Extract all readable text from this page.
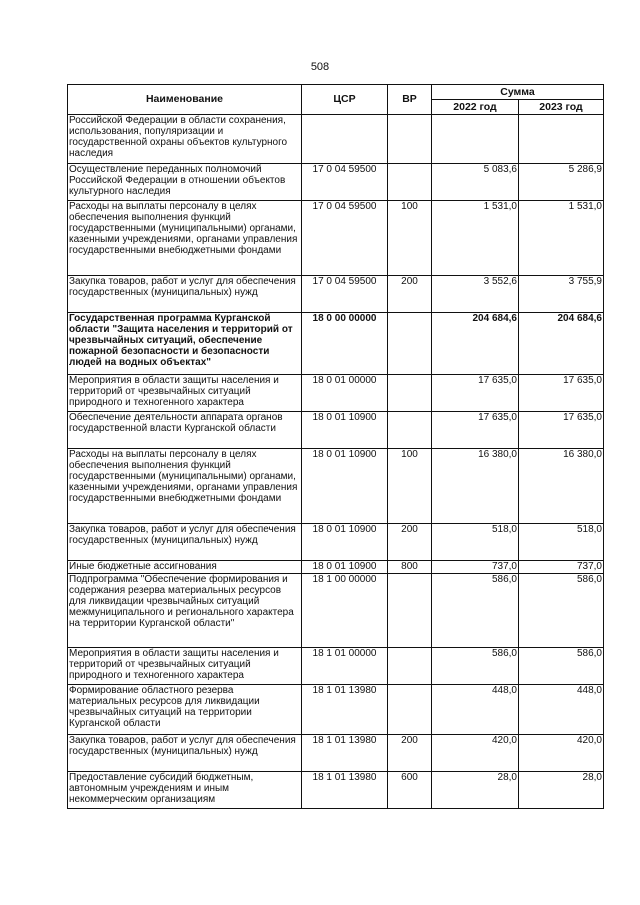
508
Наименование	ЦСР	ВР	Сумма	
			2022 год	2023 год
Российской Федерации в области сохранения, использования, популяризации и государственной охраны объектов культурного наследия				
Осуществление переданных полномочий Российской Федерации в отношении объектов культурного наследия	17 0 04 59500		5 083,6	5 286,9
Расходы на выплаты персоналу в целях обеспечения выполнения функций государственными (муниципальными) органами, казенными учреждениями, органами управления государственными внебюджетными фондами	17 0 04 59500	100	1 531,0	1 531,0
Закупка товаров, работ и услуг для обеспечения государственных (муниципальных) нужд	17 0 04 59500	200	3 552,6	3 755,9
Государственная программа Курганской области "Защита населения и территорий от чрезвычайных ситуаций, обеспечение пожарной безопасности и безопасности людей на водных объектах"	18 0 00 00000		204 684,6	204 684,6
Мероприятия в области защиты населения и территорий от чрезвычайных ситуаций природного и техногенного характера	18 0 01 00000		17 635,0	17 635,0
Обеспечение деятельности аппарата органов государственной власти Курганской области	18 0 01 10900		17 635,0	17 635,0
Расходы на выплаты персоналу в целях обеспечения выполнения функций государственными (муниципальными) органами, казенными учреждениями, органами управления государственными внебюджетными фондами	18 0 01 10900	100	16 380,0	16 380,0
Закупка товаров, работ и услуг для обеспечения государственных (муниципальных) нужд	18 0 01 10900	200	518,0	518,0
Иные бюджетные ассигнования	18 0 01 10900	800	737,0	737,0
Подпрограмма "Обеспечение формирования и содержания резерва материальных ресурсов для ликвидации чрезвычайных ситуаций межмуниципального и регионального характера на территории Курганской области"	18 1 00 00000		586,0	586,0
Мероприятия в области защиты населения и территорий от чрезвычайных ситуаций природного и техногенного характера	18 1 01 00000		586,0	586,0
Формирование областного резерва материальных ресурсов для ликвидации чрезвычайных ситуаций на территории Курганской области	18 1 01 13980		448,0	448,0
Закупка товаров, работ и услуг для обеспечения государственных (муниципальных) нужд	18 1 01 13980	200	420,0	420,0
Предоставление субсидий бюджетным, автономным учреждениям и иным некоммерческим организациям	18 1 01 13980	600	28,0	28,0
